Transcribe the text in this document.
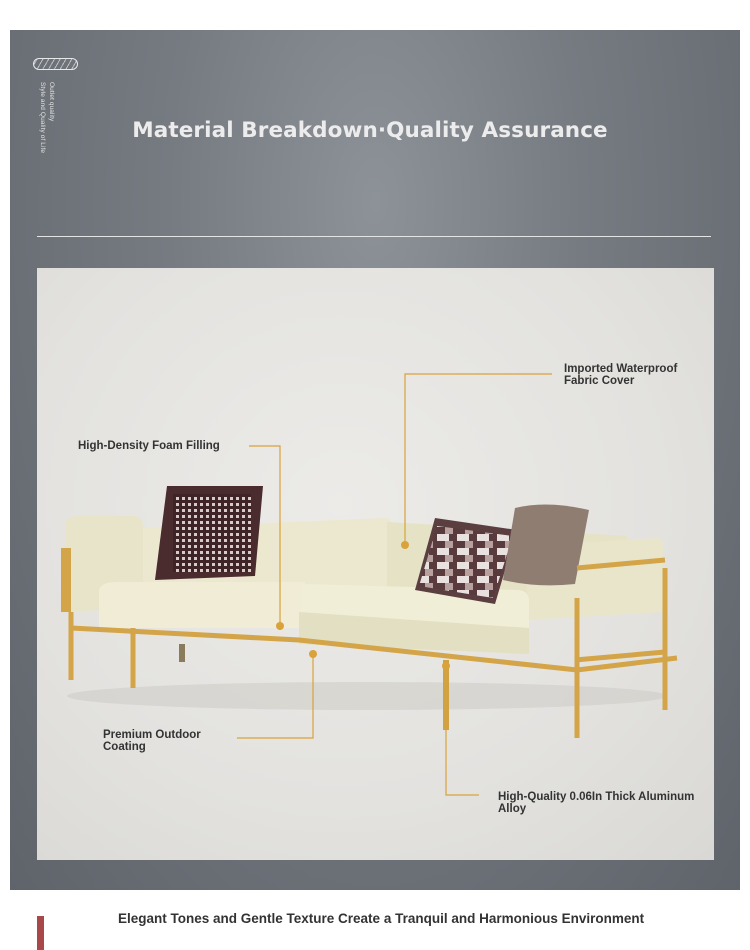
Outlet quality
Style and Quality of Life	Material Breakdown·Quality Assurance
Imported Waterproof
Fabric Cover
High-Density Foam Filling
Premium Outdoor
Coating
High-Quality 0.06In Thick Aluminum Alloy
Elegant Tones and Gentle Texture Create a Tranquil and Harmonious Environment
